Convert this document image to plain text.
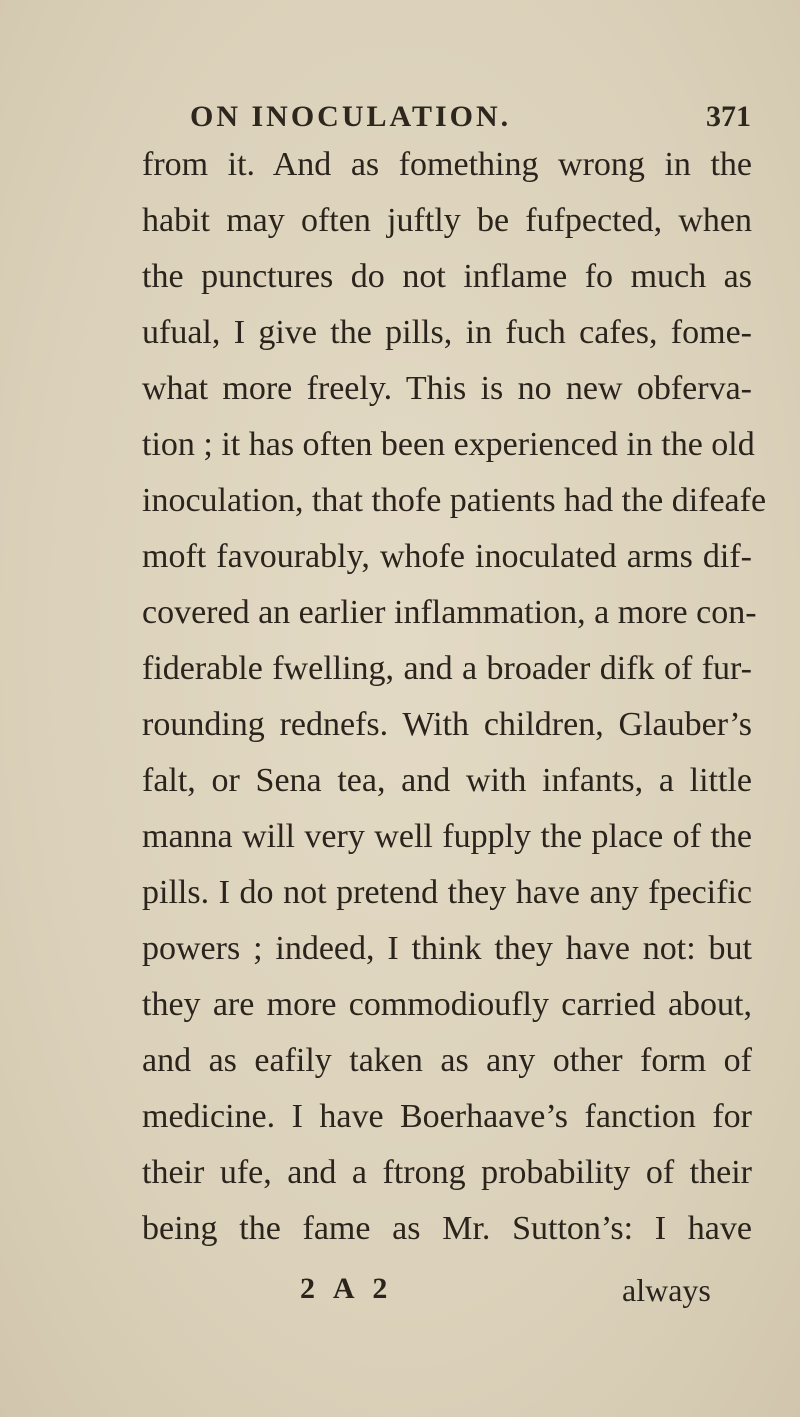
ON INOCULATION.	371
from it. And as fomething wrong in the
habit may often juftly be fufpected, when
the punctures do not inflame fo much as
ufual, I give the pills, in fuch cafes, fome-
what more freely. This is no new obferva-
tion ; it has often been experienced in the old
inoculation, that thofe patients had the difeafe
moft favourably, whofe inoculated arms dif-
covered an earlier inflammation, a more con-
fiderable fwelling, and a broader difk of fur-
rounding rednefs. With children, Glauber’s
falt, or Sena tea, and with infants, a little
manna will very well fupply the place of the
pills. I do not pretend they have any fpecific
powers ; indeed, I think they have not: but
they are more commodioufly carried about,
and as eafily taken as any other form of
medicine. I have Boerhaave’s fanction for
their ufe, and a ftrong probability of their
being the fame as Mr. Sutton’s: I have
2 A 2	always
